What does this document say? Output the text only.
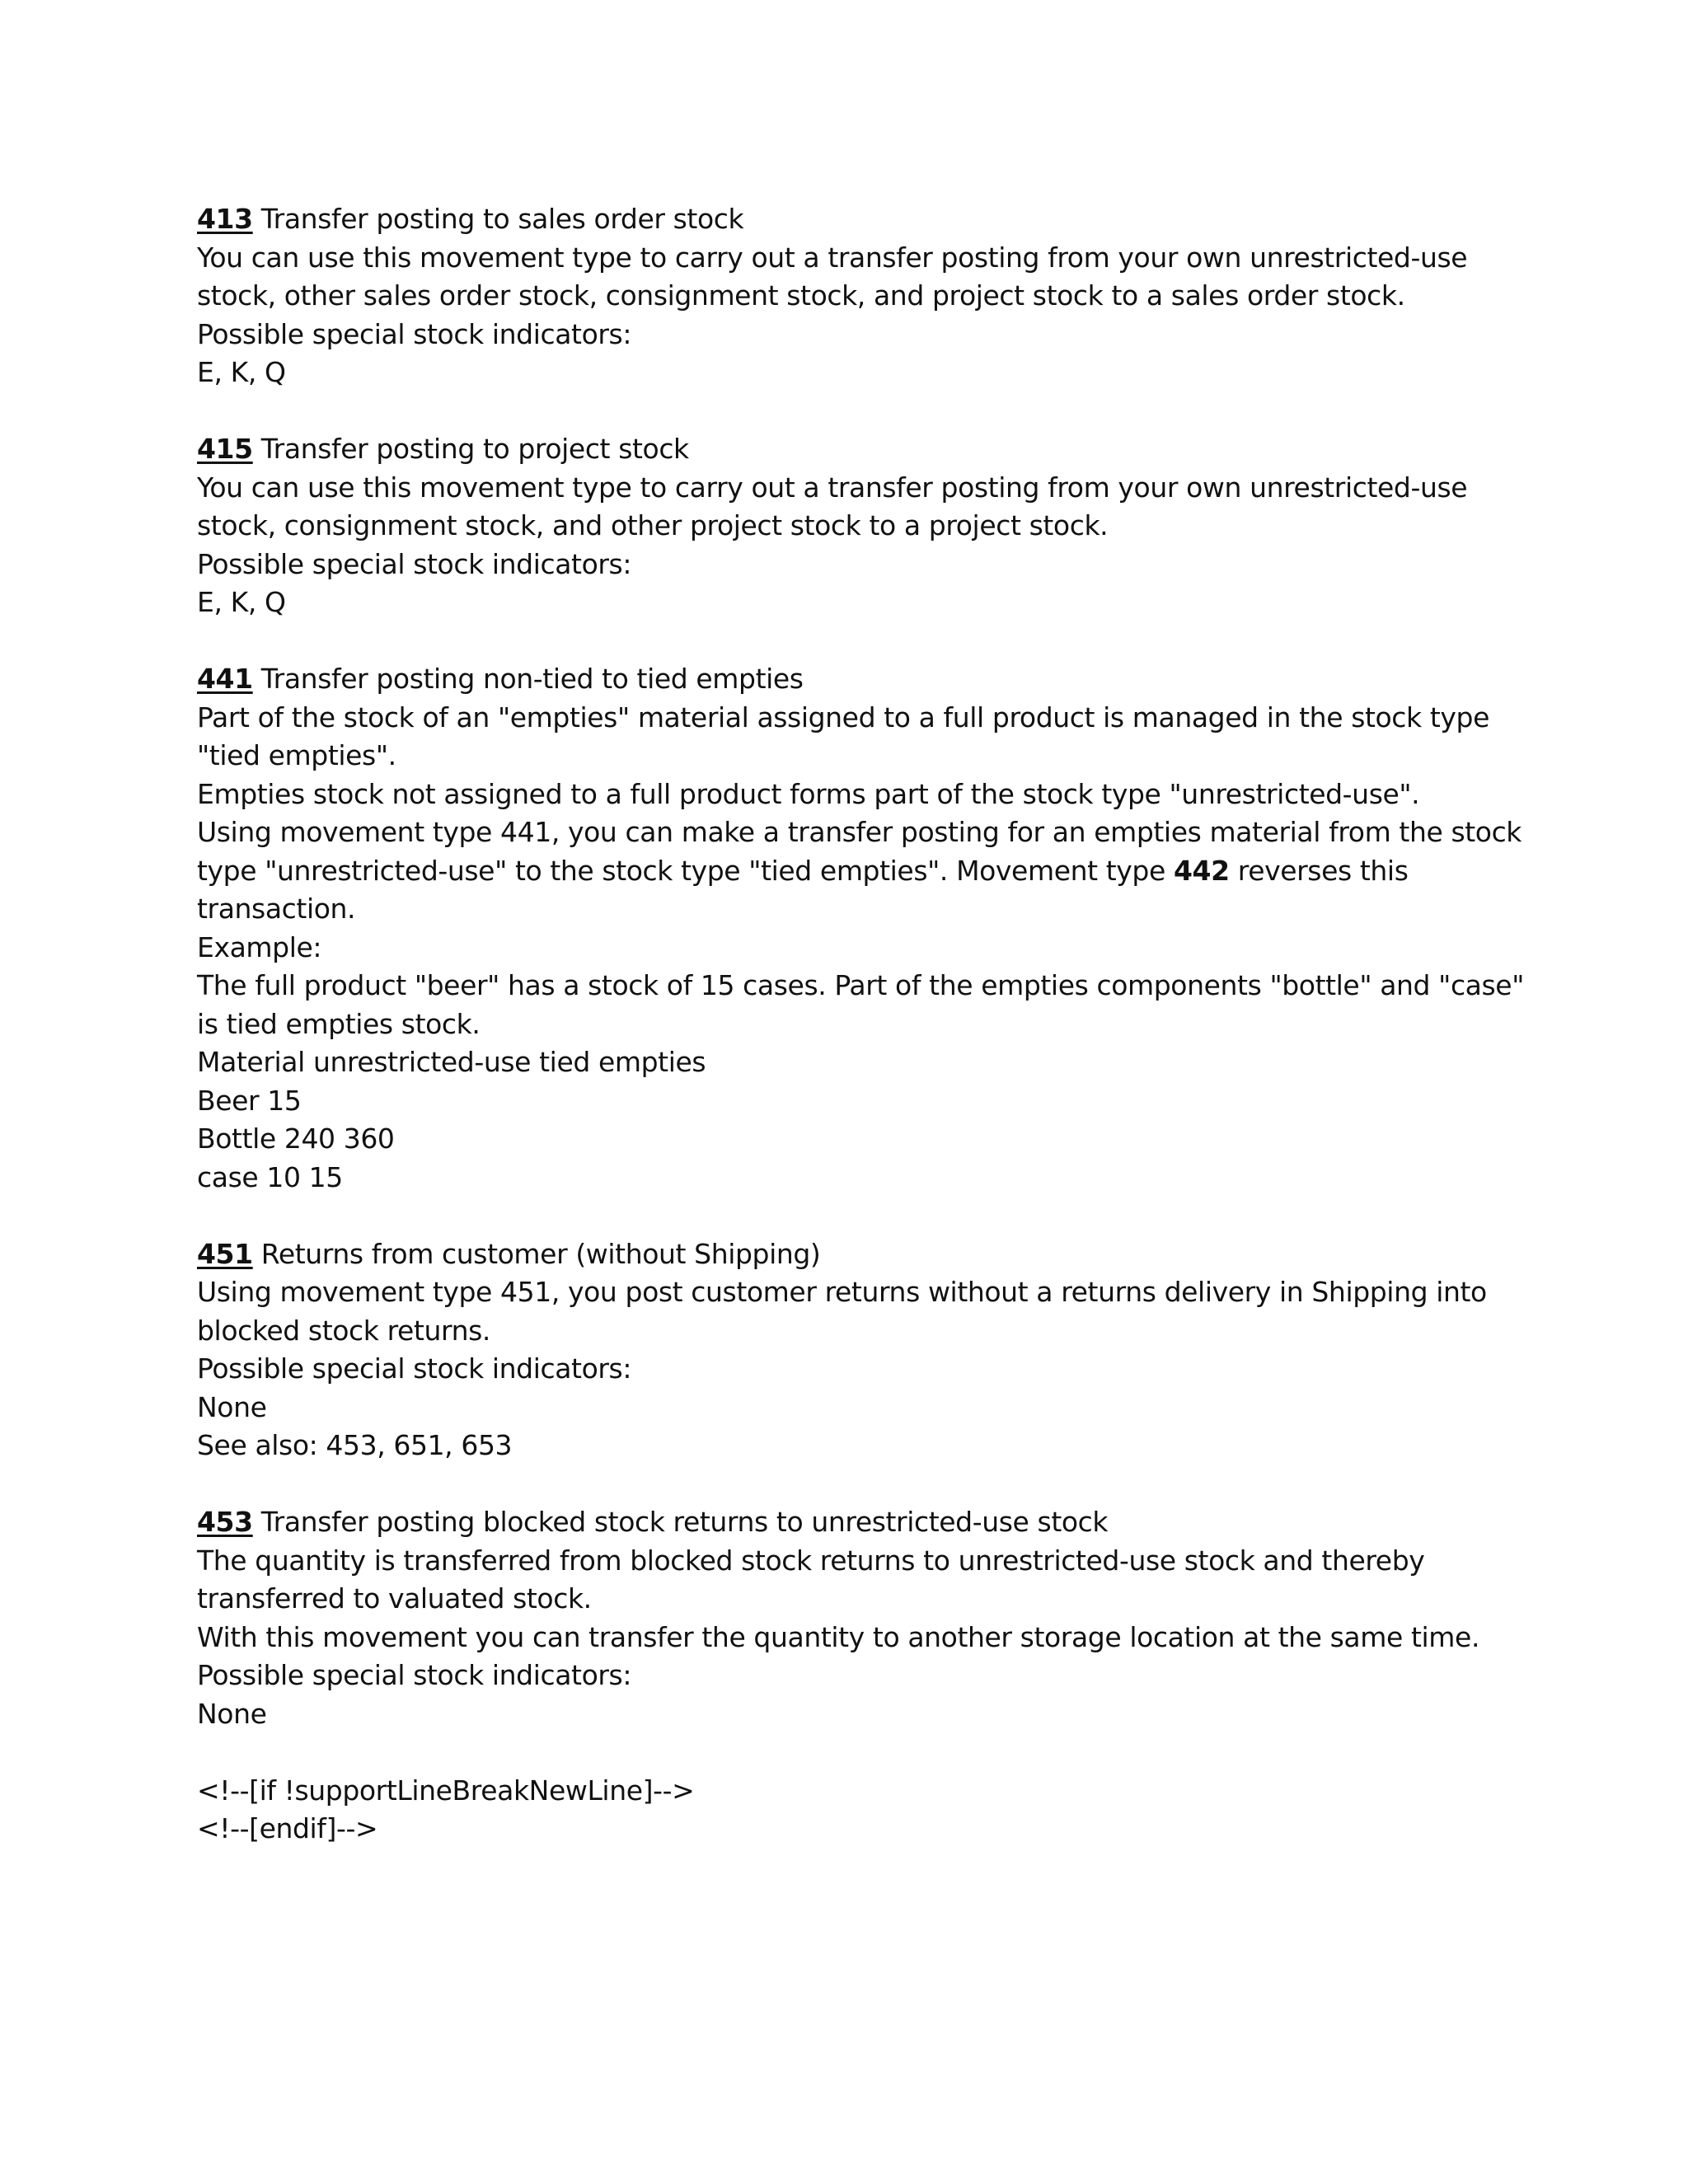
413 Transfer posting to sales order stock
You can use this movement type to carry out a transfer posting from your own unrestricted-use
stock, other sales order stock, consignment stock, and project stock to a sales order stock.
Possible special stock indicators:
E, K, Q
415 Transfer posting to project stock
You can use this movement type to carry out a transfer posting from your own unrestricted-use
stock, consignment stock, and other project stock to a project stock.
Possible special stock indicators:
E, K, Q
441 Transfer posting non-tied to tied empties
Part of the stock of an "empties" material assigned to a full product is managed in the stock type
"tied empties".
Empties stock not assigned to a full product forms part of the stock type "unrestricted-use".
Using movement type 441, you can make a transfer posting for an empties material from the stock
type "unrestricted-use" to the stock type "tied empties". Movement type 442 reverses this
transaction.
Example:
The full product "beer" has a stock of 15 cases. Part of the empties components "bottle" and "case"
is tied empties stock.
Material unrestricted-use tied empties
Beer 15
Bottle 240 360
case 10 15
451 Returns from customer (without Shipping)
Using movement type 451, you post customer returns without a returns delivery in Shipping into
blocked stock returns.
Possible special stock indicators:
None
See also: 453, 651, 653
453 Transfer posting blocked stock returns to unrestricted-use stock
The quantity is transferred from blocked stock returns to unrestricted-use stock and thereby
transferred to valuated stock.
With this movement you can transfer the quantity to another storage location at the same time.
Possible special stock indicators:
None
<!--[if !supportLineBreakNewLine]-->
<!--[endif]-->
